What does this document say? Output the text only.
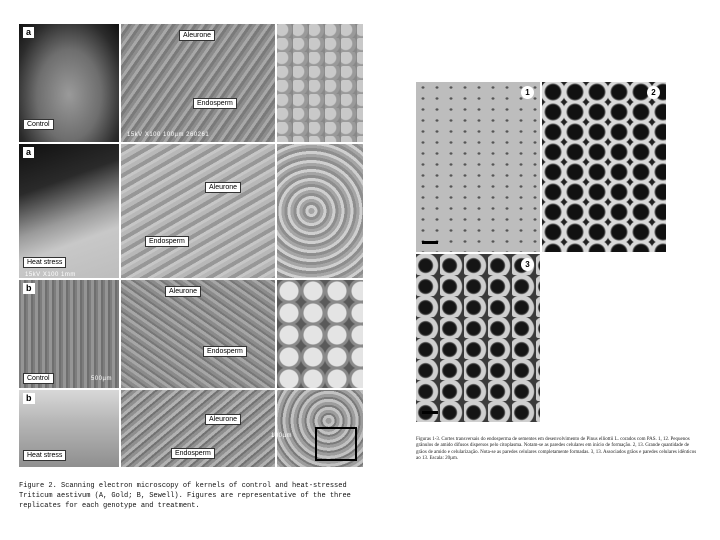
a
Control
Aleurone
Endosperm
15kV X100 100µm 260261
a
Heat stress
15kV X100 1mm
Aleurone
Endosperm
b
Control
Aleurone
Endosperm
500µm
b
Heat stress
Aleurone
Endosperm
100µm

Figure 2. Scanning electron microscopy of kernels of control and heat-stressed Triticum aestivum (A, Gold; B, Sewell). Figures are representative of the three replicates for each genotype and treatment.

1	2
3

Figuras 1-3. Cortes transversais do endosperma de sementes em desenvolvimento de Pinus elliottii L. corados com PAS. 1, 12. Pequenos grânulos de amido difusos dispersos pelo citoplasma. Notam-se as paredes celulares em início de formação. 2, 13. Grande quantidade de grãos de amido e celularização. Nota-se as paredes celulares completamente formadas. 3, 13. Associados grãos e paredes celulares idênticos ao 13. Escala: 20µm.
